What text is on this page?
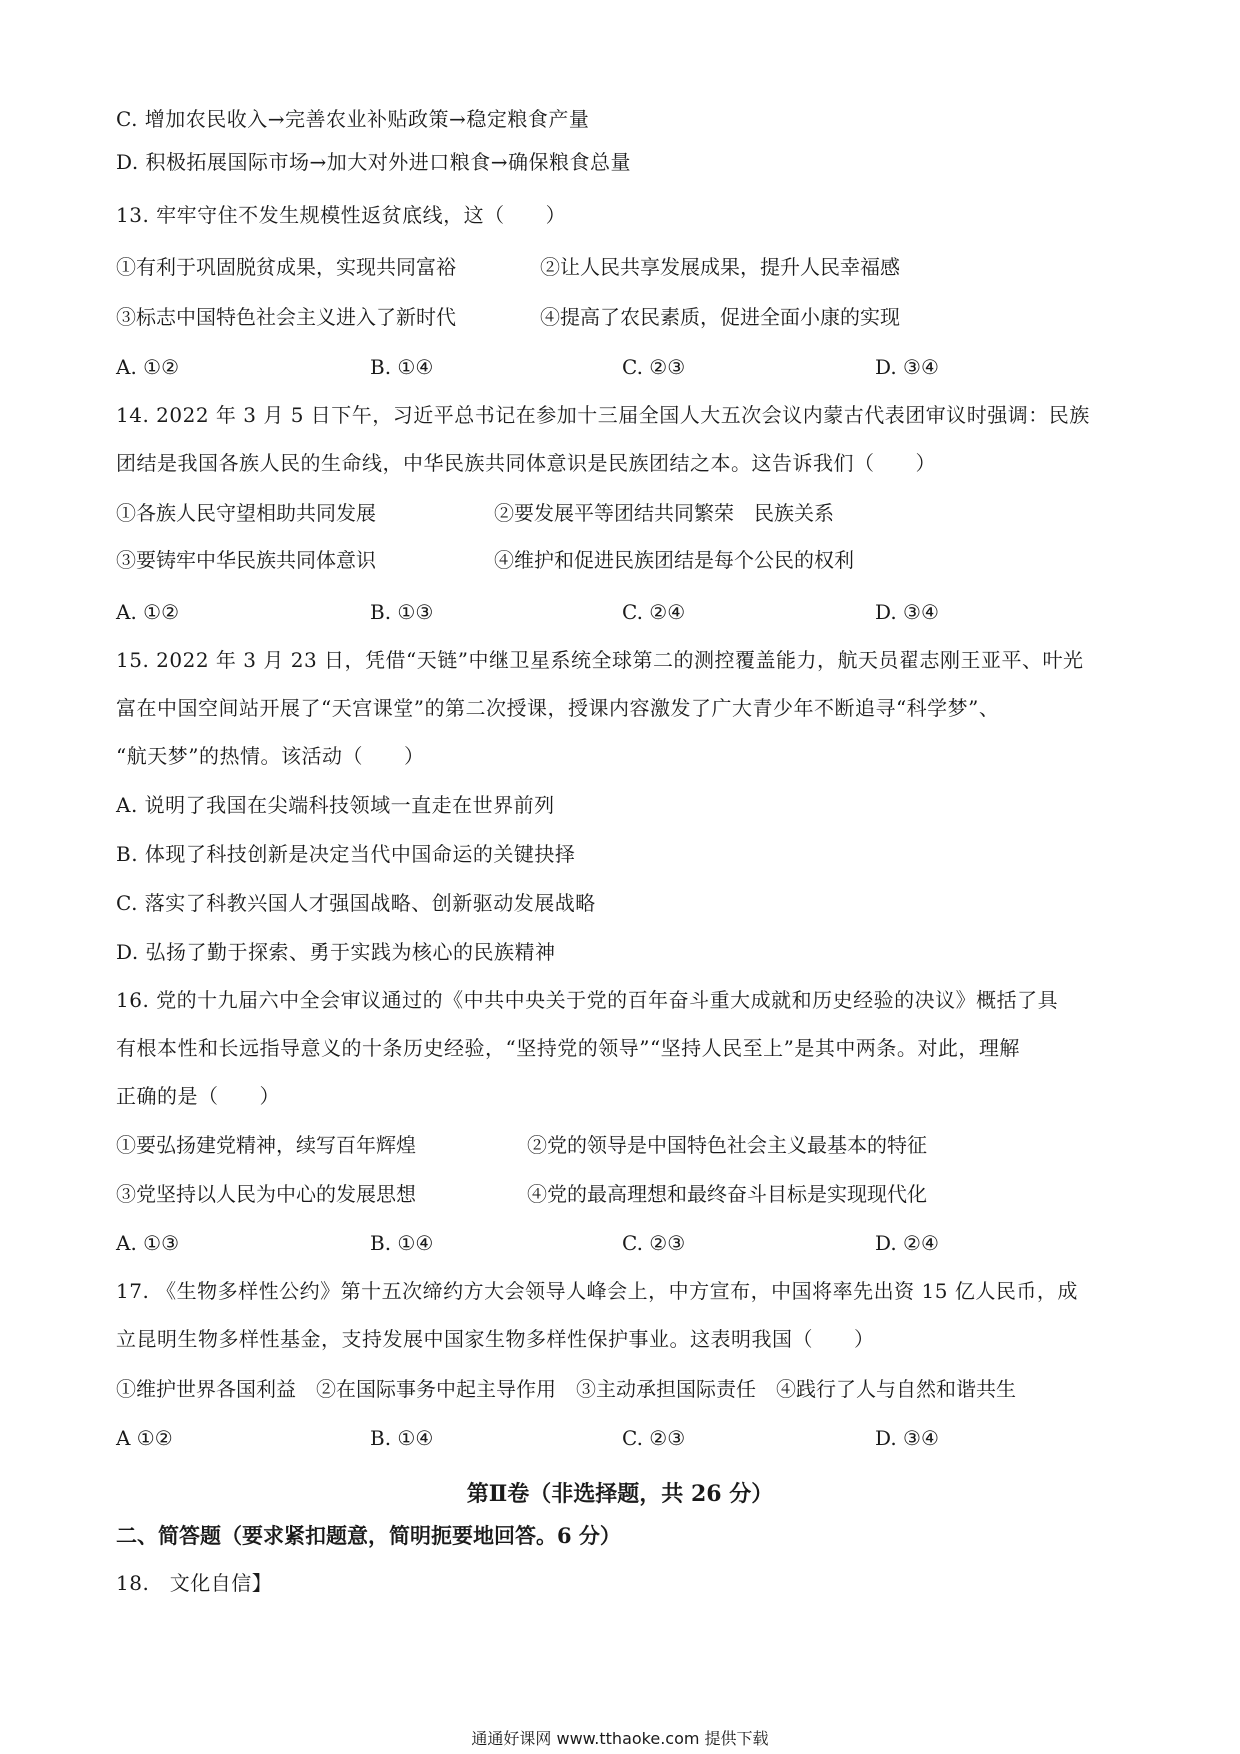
C. 增加农民收入→完善农业补贴政策→稳定粮食产量
D. 积极拓展国际市场→加大对外进口粮食→确保粮食总量
13. 牢牢守住不发生规模性返贫底线，这（　　）
①有利于巩固脱贫成果，实现共同富裕	②让人民共享发展成果，提升人民幸福感
③标志中国特色社会主义进入了新时代	④提高了农民素质，促进全面小康的实现
A. ①②	B. ①④	C. ②③	D. ③④
14. 2022 年 3 月 5 日下午，习近平总书记在参加十三届全国人大五次会议内蒙古代表团审议时强调：民族
团结是我国各族人民的生命线，中华民族共同体意识是民族团结之本。这告诉我们（　　）
①各族人民守望相助共同发展	②要发展平等团结共同繁荣　民族关系
③要铸牢中华民族共同体意识	④维护和促进民族团结是每个公民的权利
A. ①②	B. ①③	C. ②④	D. ③④
15. 2022 年 3 月 23 日，凭借“天链”中继卫星系统全球第二的测控覆盖能力，航天员翟志刚王亚平、叶光
富在中国空间站开展了“天宫课堂”的第二次授课，授课内容激发了广大青少年不断追寻“科学梦”、
“航天梦”的热情。该活动（　　）
A. 说明了我国在尖端科技领域一直走在世界前列
B. 体现了科技创新是决定当代中国命运的关键抉择
C. 落实了科教兴国人才强国战略、创新驱动发展战略
D. 弘扬了勤于探索、勇于实践为核心的民族精神
16. 党的十九届六中全会审议通过的《中共中央关于党的百年奋斗重大成就和历史经验的决议》概括了具
有根本性和长远指导意义的十条历史经验，“坚持党的领导”“坚持人民至上”是其中两条。对此，理解
正确的是（　　）
①要弘扬建党精神，续写百年辉煌	②党的领导是中国特色社会主义最基本的特征
③党坚持以人民为中心的发展思想	④党的最高理想和最终奋斗目标是实现现代化
A. ①③	B. ①④	C. ②③	D. ②④
17. 《生物多样性公约》第十五次缔约方大会领导人峰会上，中方宣布，中国将率先出资 15 亿人民币，成
立昆明生物多样性基金，支持发展中国家生物多样性保护事业。这表明我国（　　）
①维护世界各国利益　②在国际事务中起主导作用　③主动承担国际责任　④践行了人与自然和谐共生
A ①②	B. ①④	C. ②③	D. ③④
第Ⅱ卷（非选择题，共 26 分）
二、简答题（要求紧扣题意，简明扼要地回答。6 分）
18.　文化自信】
通通好课网 www.tthaoke.com 提供下载
